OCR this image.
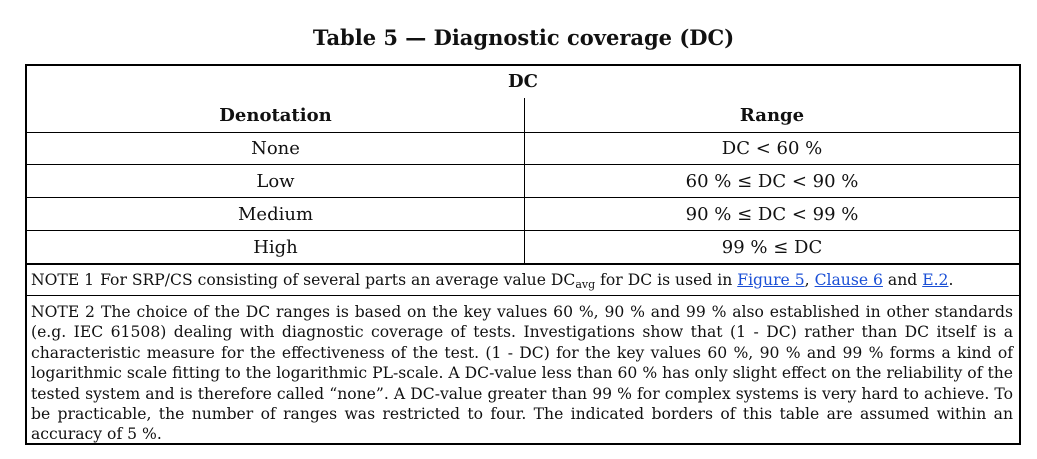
Table 5 — Diagnostic coverage (DC)
DC
Denotation	Range
None	DC < 60 %
Low	60 % ≤ DC < 90 %
Medium	90 % ≤ DC < 99 %
High	99 % ≤ DC
NOTE 1 For SRP/CS consisting of several parts an average value $DC_{avg}$ for DC is used in Figure 5, Clause 6 and E.2.
NOTE 2 The choice of the DC ranges is based on the key values 60 %, 90 % and 99 % also established in other standards (e.g. IEC 61508) dealing with diagnostic coverage of tests. Investigations show that (1 - DC) rather than DC itself is a characteristic measure for the effectiveness of the test. (1 - DC) for the key values 60 %, 90 % and 99 % forms a kind of logarithmic scale fitting to the logarithmic PL-scale. A DC-value less than 60 % has only slight effect on the reliability of the tested system and is therefore called “none”. A DC-value greater than 99 % for complex systems is very hard to achieve. To be practicable, the number of ranges was restricted to four. The indicated borders of this table are assumed within an accuracy of 5 %.
